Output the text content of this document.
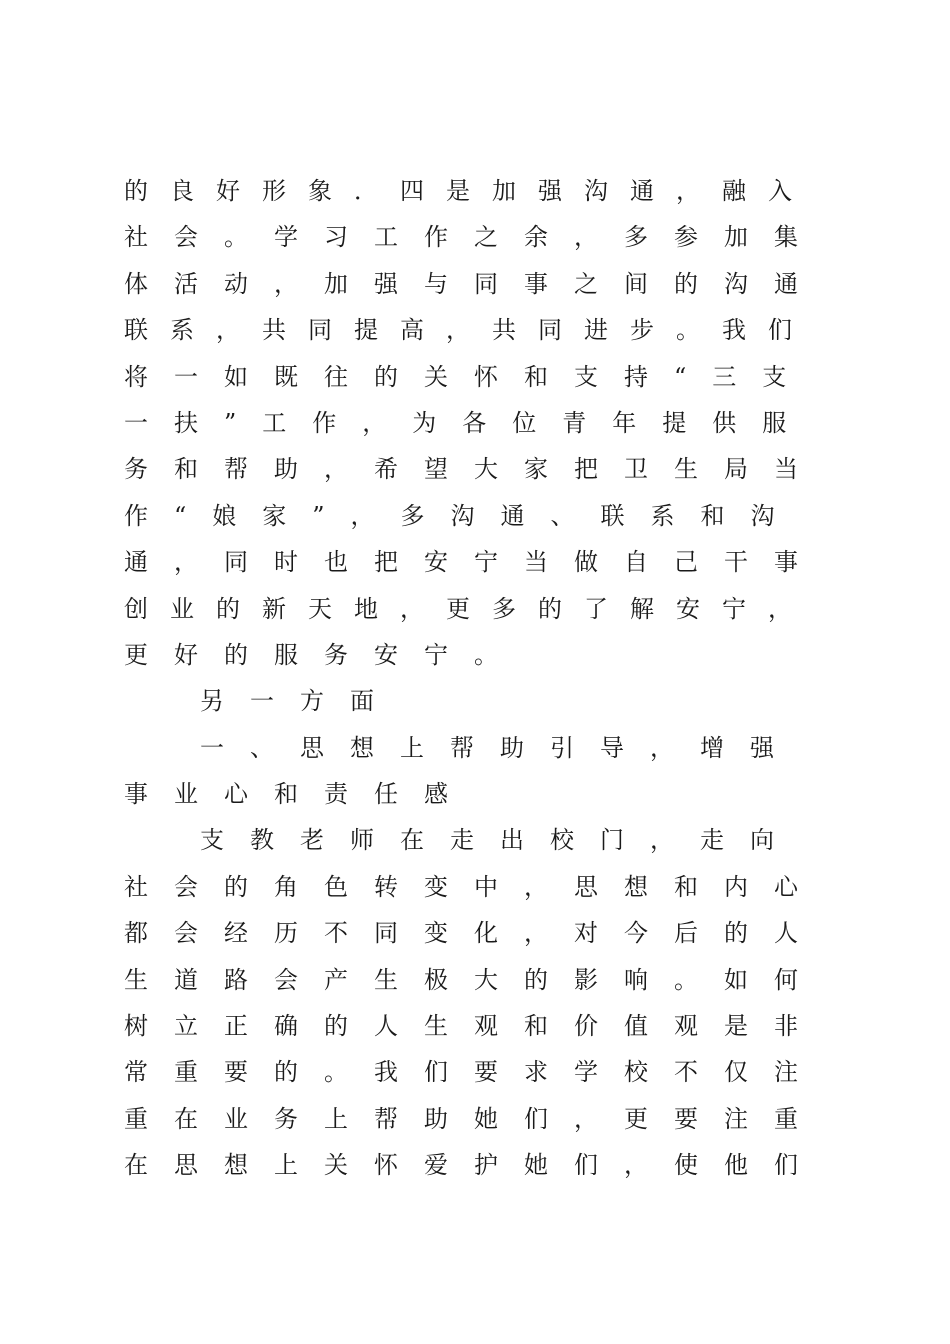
的良好形象．四是加强沟通，融入
社会。学习工作之余，多参加集
体活动，加强与同事之间的沟通
联系，共同提高，共同进步。我们
将一如既往的关怀和支持“三支
一扶”工作，为各位青年提供服
务和帮助，希望大家把卫生局当
作“娘家”，多沟通、联系和沟
通，同时也把安宁当做自己干事
创业的新天地，更多的了解安宁，
更好的服务安宁。
另一方面
一、思想上帮助引导，增强
事业心和责任感
支教老师在走出校门，走向
社会的角色转变中，思想和内心
都会经历不同变化，对今后的人
生道路会产生极大的影响。如何
树立正确的人生观和价值观是非
常重要的。我们要求学校不仅注
重在业务上帮助她们，更要注重
在思想上关怀爱护她们，使他们
